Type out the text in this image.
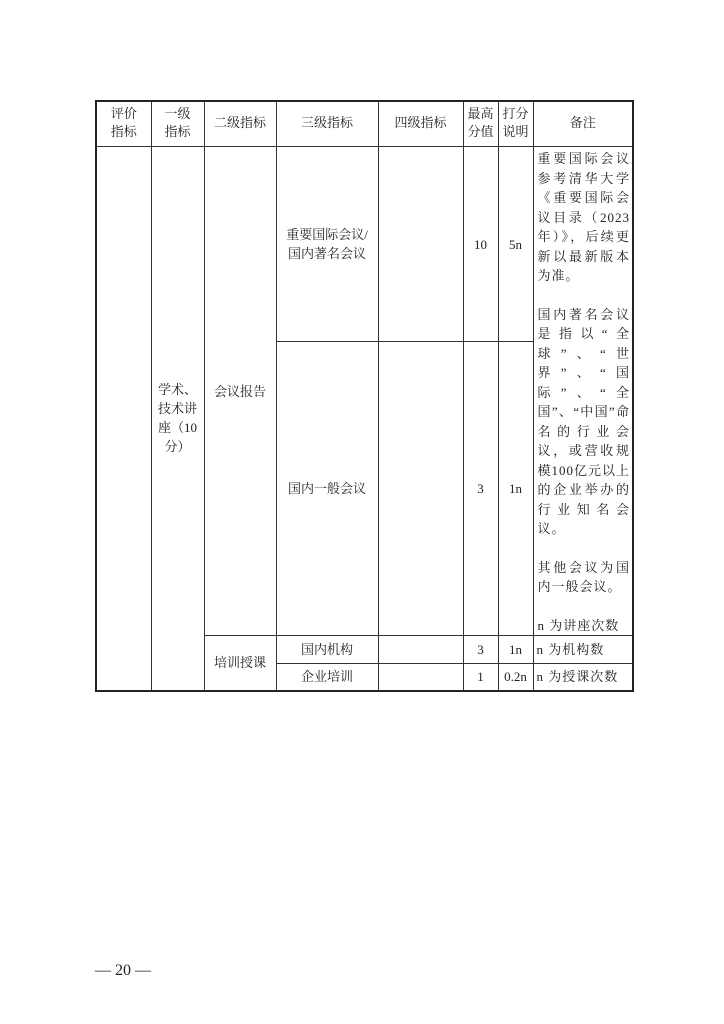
评价
指标	一级
指标	二级指标	三级指标	四级指标	最高
分值	打分
说明	备注
	学术、技术讲座（10分）	会议报告	重要国际会议/国内著名会议		10	5n	重要国际会议参考清华大学《重要国际会议目录（2023年）》，后续更新以最新版本为准。

国内著名会议是指以“全球”、“世界”、“国际”、“全国”、“中国”命名的行业会议，或营收规模100亿元以上的企业举办的行业知名会议。

其他会议为国内一般会议。

n 为讲座次数

			国内一般会议		3	1n	
		培训授课	国内机构		3	1n	n 为机构数
			企业培训		1	0.2n	n 为授课次数
— 20 —
